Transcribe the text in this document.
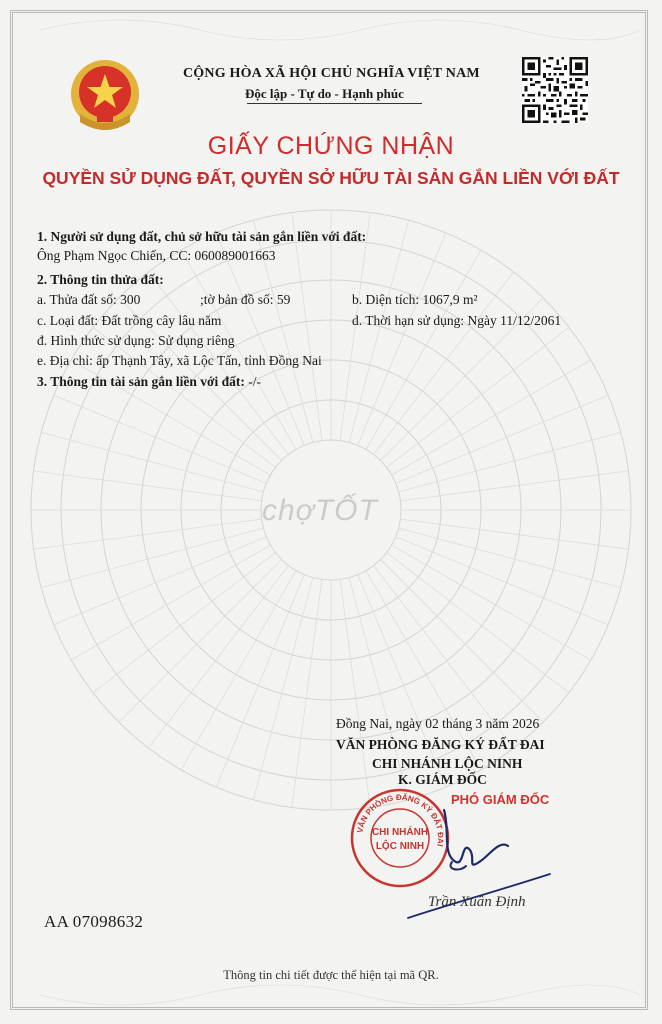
CỘNG HÒA XÃ HỘI CHỦ NGHĨA VIỆT NAM
Độc lập - Tự do - Hạnh phúc
GIẤY CHỨNG NHẬN
QUYỀN SỬ DỤNG ĐẤT, QUYỀN SỞ HỮU TÀI SẢN GẮN LIỀN VỚI ĐẤT
1. Người sử dụng đất, chủ sở hữu tài sản gắn liền với đất:
Ông Phạm Ngọc Chiến, CC: 060089001663
2. Thông tin thửa đất:
a. Thửa đất số: 300	;tờ bản đồ số: 59	b. Diện tích: 1067,9 m²
c. Loại đất: Đất trồng cây lâu năm	d. Thời hạn sử dụng: Ngày 11/12/2061
đ. Hình thức sử dụng: Sử dụng riêng
e. Địa chỉ: ấp Thạnh Tây, xã Lộc Tấn, tỉnh Đồng Nai
3. Thông tin tài sản gắn liền với đất: -/-
chợTỐT
Đồng Nai, ngày 02 tháng 3 năm 2026
VĂN PHÒNG ĐĂNG KÝ ĐẤT ĐAI
CHI NHÁNH LỘC NINH
K. GIÁM ĐỐC
VĂN PHÒNG ĐĂNG KÝ ĐẤT ĐAI
CHI NHÁNH
LỘC NINH
PHÓ GIÁM ĐỐC
Trần Xuân Định
AA 07098632
Thông tin chi tiết được thể hiện tại mã QR.
